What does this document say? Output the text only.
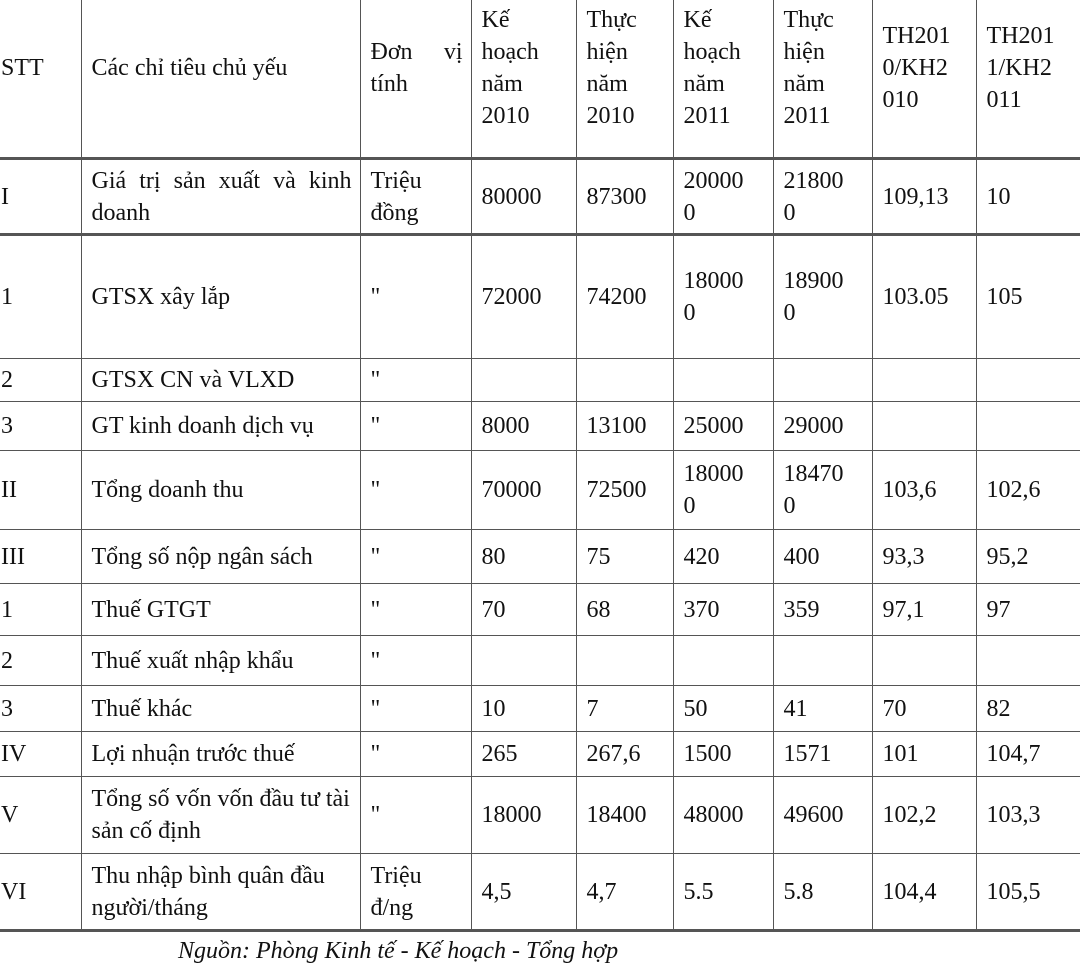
STT	Các chỉ tiêu chủ yếu	Đơn vị tính	Kế hoạch năm 2010	Thực hiện năm 2010	Kế hoạch năm 2011	Thực hiện năm 2011	TH2010/KH2010	TH2011/KH2011
I	Giá trị sản xuất và kinh doanh	Triệu đồng	80000	87300	200000	218000	109,13	10
1	GTSX xây lắp	"	72000	74200	180000	189000	103.05	105
2	GTSX CN và VLXD	"						
3	GT kinh doanh dịch vụ	"	8000	13100	25000	29000		
II	Tổng doanh thu	"	70000	72500	180000	184700	103,6	102,6
III	Tổng số nộp ngân sách	"	80	75	420	400	93,3	95,2
1	Thuế GTGT	"	70	68	370	359	97,1	97
2	Thuế xuất nhập khẩu	"						
3	Thuế khác	"	10	7	50	41	70	82
IV	Lợi nhuận trước thuế	"	265	267,6	1500	1571	101	104,7
V	Tổng số vốn vốn đầu tư tài sản cố định	"	18000	18400	48000	49600	102,2	103,3
VI	Thu nhập bình quân đầu người/tháng	Triệu đ/ng	4,5	4,7	5.5	5.8	104,4	105,5
Nguồn: Phòng Kinh tế - Kế hoạch - Tổng hợp
